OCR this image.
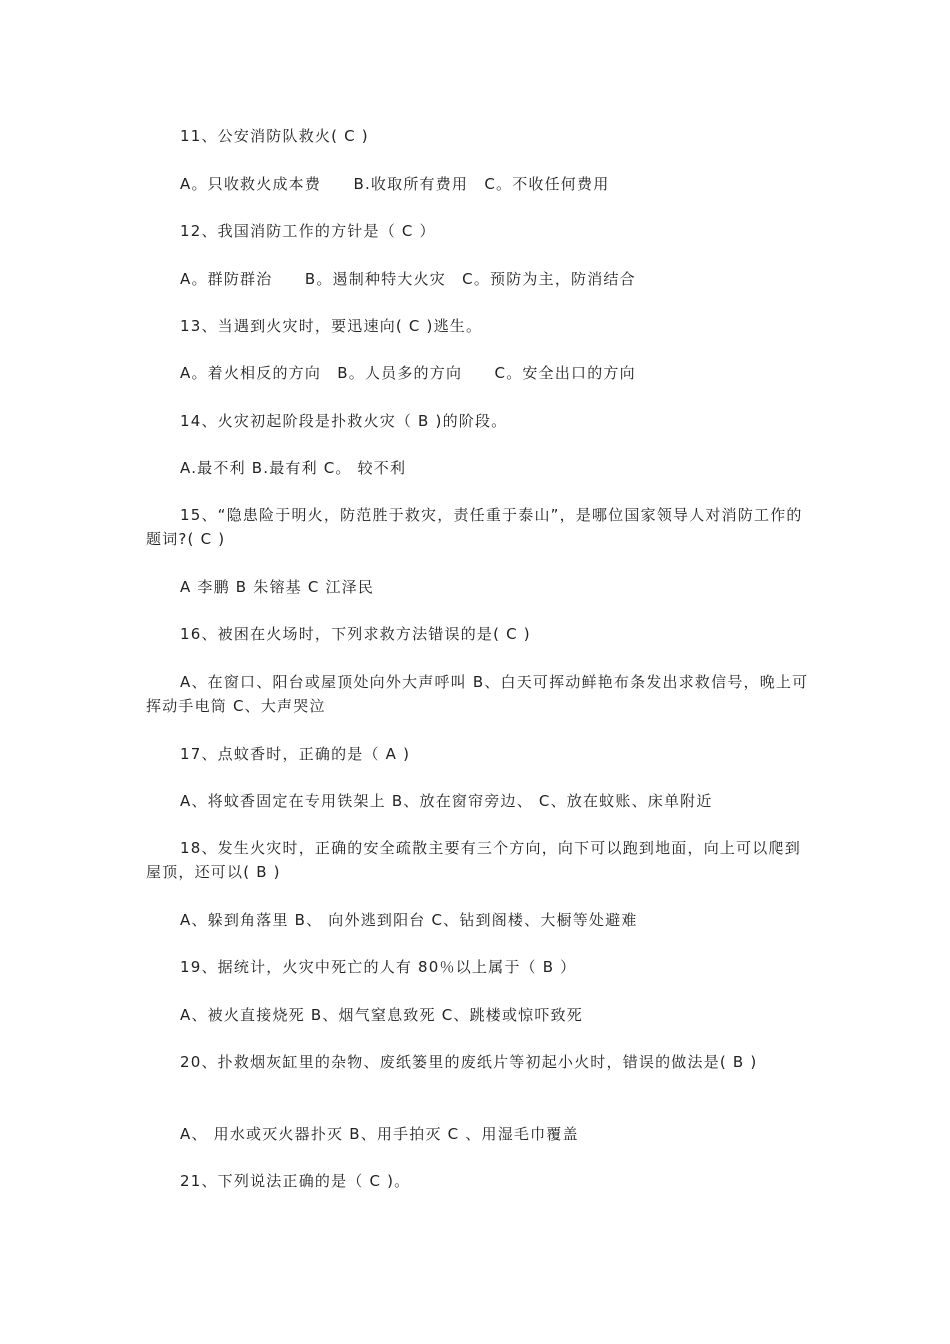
11、公安消防队救火( C )
A。只收救火成本费　　B.收取所有费用　C。不收任何费用
12、我国消防工作的方针是（ C ）
A。群防群治　　B。遏制种特大火灾　C。预防为主，防消结合
13、当遇到火灾时，要迅速向( C )逃生。
A。着火相反的方向　B。人员多的方向　　C。安全出口的方向
14、火灾初起阶段是扑救火灾（ B )的阶段。
A.最不利 B.最有利 C。 较不利
15、“隐患险于明火，防范胜于救灾，责任重于泰山”，是哪位国家领导人对消防工作的题词?( C )
A 李鹏 B 朱镕基 C 江泽民
16、被困在火场时，下列求救方法错误的是( C )
A、在窗口、阳台或屋顶处向外大声呼叫 B、白天可挥动鲜艳布条发出求救信号，晚上可挥动手电筒 C、大声哭泣
17、点蚊香时，正确的是（ A )
A、将蚊香固定在专用铁架上 B、放在窗帘旁边、 C、放在蚊账、床单附近
18、发生火灾时，正确的安全疏散主要有三个方向，向下可以跑到地面，向上可以爬到屋顶，还可以( B )
A、躲到角落里 B、 向外逃到阳台 C、钻到阁楼、大橱等处避难
19、据统计，火灾中死亡的人有 80％以上属于（ B ）
A、被火直接烧死 B、烟气窒息致死 C、跳楼或惊吓致死
20、扑救烟灰缸里的杂物、废纸篓里的废纸片等初起小火时，错误的做法是( B )
A、 用水或灭火器扑灭 B、用手拍灭 C 、用湿毛巾覆盖
21、下列说法正确的是（ C )。
